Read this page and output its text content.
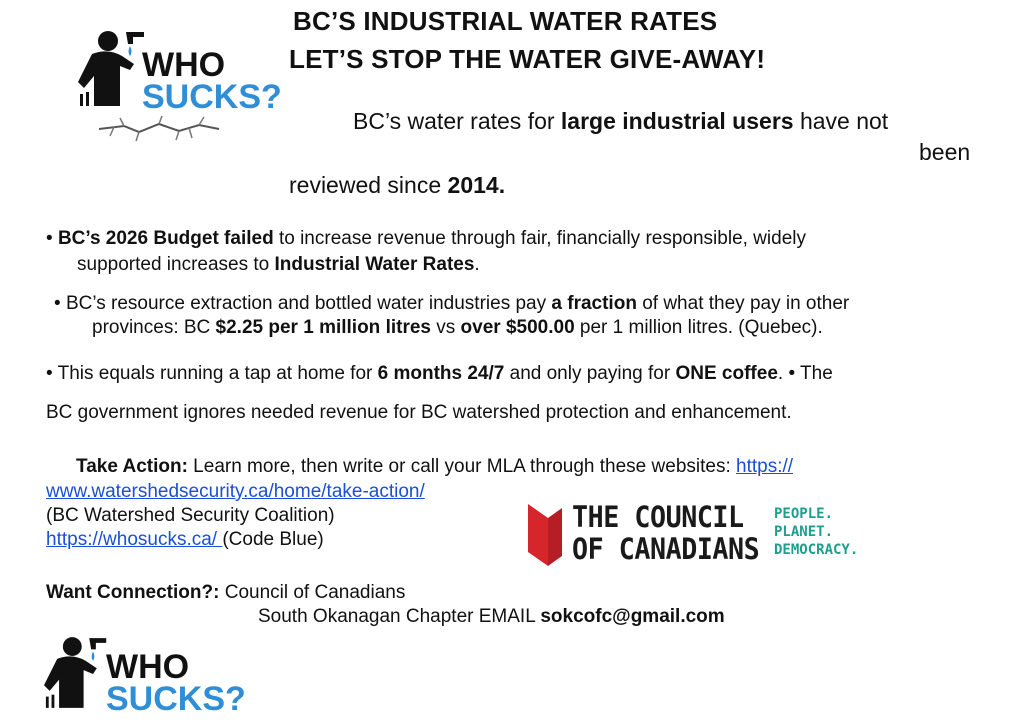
WHO
SUCKS?
BC’S INDUSTRIAL WATER RATES
LET’S STOP THE WATER GIVE-AWAY!
BC’s water rates for large industrial users have not
been
reviewed since 2014.
• BC’s 2026 Budget failed to increase revenue through fair, financially responsible, widely
supported increases to Industrial Water Rates.
• BC’s resource extraction and bottled water industries pay a fraction of what they pay in other
provinces: BC $2.25 per 1 million litres vs over $500.00 per 1 million litres. (Quebec).
• This equals running a tap at home for 6 months 24/7 and only paying for ONE coffee. • The
BC government ignores needed revenue for BC watershed protection and enhancement.
Take Action: Learn more, then write or call your MLA through these websites: https://
www.watershedsecurity.ca/home/take-action/
(BC Watershed Security Coalition)
https://whosucks.ca/ (Code Blue)
THE COUNCIL
OF CANADIANS
PEOPLE.
PLANET.
DEMOCRACY.
Want Connection?: Council of Canadians
South Okanagan Chapter EMAIL sokcofc@gmail.com
WHO
SUCKS?
